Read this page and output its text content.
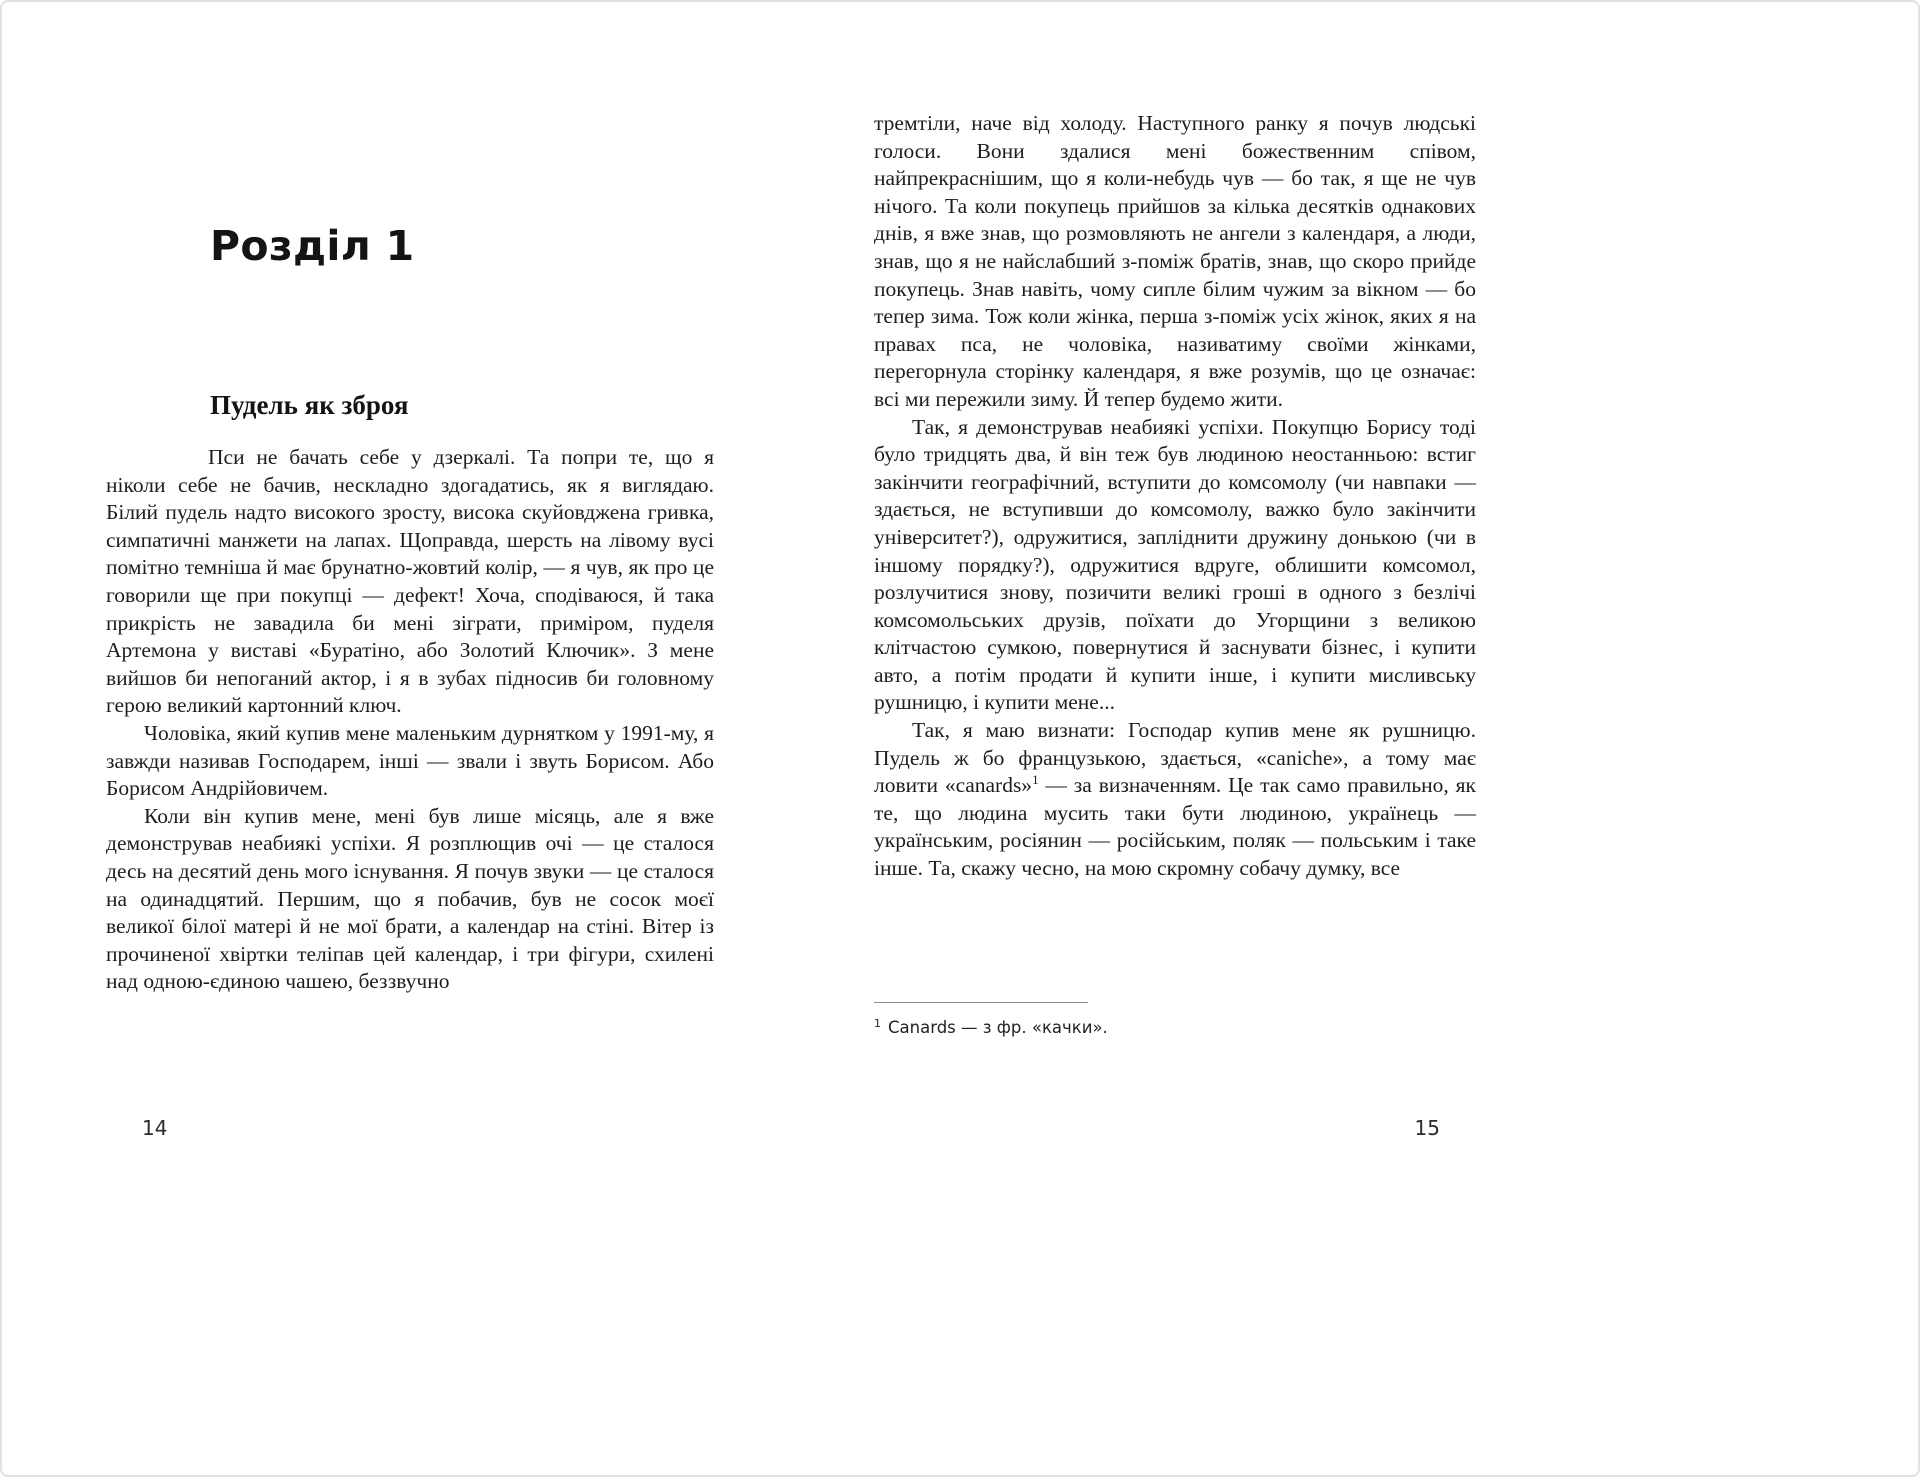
Розділ 1
Пудель як зброя

Пси не бачать себе у дзеркалі. Та попри те, що я ніколи себе не бачив, нескладно здогадатись, як я виглядаю. Білий пудель надто високого зросту, висока скуйовджена гривка, симпатичні манжети на лапах. Щоправда, шерсть на лівому вусі помітно темніша й має брунатно-жовтий колір, — я чув, як про це говорили ще при покупці — дефект! Хоча, сподіваюся, й така прикрість не завадила би мені зіграти, приміром, пуделя Артемона у виставі «Буратіно, або Золотий Ключик». З мене вийшов би непоганий актор, і я в зубах підносив би головному герою великий картонний ключ.

Чоловіка, який купив мене маленьким дурнятком у 1991-му, я завжди називав Господарем, інші — звали і звуть Борисом. Або Борисом Андрійовичем.

Коли він купив мене, мені був лише місяць, але я вже демонстрував неабиякі успіхи. Я розплющив очі — це сталося десь на десятий день мого існування. Я почув звуки — це сталося на одинадцятий. Першим, що я побачив, був не сосок моєї великої білої матері й не мої брати, а календар на стіні. Вітер із прочиненої хвіртки теліпав цей календар, і три фігури, схилені над одною-єдиною чашею, беззвучно

14

тремтіли, наче від холоду. Наступного ранку я почув людські голоси. Вони здалися мені божественним співом, найпрекраснішим, що я коли-небудь чув — бо так, я ще не чув нічого. Та коли покупець прийшов за кілька десятків однакових днів, я вже знав, що розмовляють не ангели з календаря, а люди, знав, що я не найслабший з-поміж братів, знав, що скоро прийде покупець. Знав навіть, чому сипле білим чужим за вікном — бо тепер зима. Тож коли жінка, перша з-поміж усіх жінок, яких я на правах пса, не чоловіка, називатиму своїми жінками, перегорнула сторінку календаря, я вже розумів, що це означає: всі ми пережили зиму. Й тепер будемо жити.

Так, я демонстрував неабиякі успіхи. Покупцю Борису тоді було тридцять два, й він теж був людиною неостанньою: встиг закінчити географічний, вступити до комсомолу (чи навпаки — здається, не вступивши до комсомолу, важко було закінчити університет?), одружитися, запліднити дружину донькою (чи в іншому порядку?), одружитися вдруге, облишити комсомол, розлучитися знову, позичити великі гроші в одного з безлічі комсомольських друзів, поїхати до Угорщини з великою клітчастою сумкою, повернутися й заснувати бізнес, і купити авто, а потім продати й купити інше, і купити мисливську рушницю, і купити мене...

Так, я маю визнати: Господар купив мене як рушницю. Пудель ж бо французькою, здається, «caniche», а тому має ловити «canards»$^1$ — за визначенням. Це так само правильно, як те, що людина мусить таки бути людиною, українець — українським, росіянин — російським, поляк — польським і таке інше. Та, скажу чесно, на мою скромну собачу думку, все

$^1$ Canards — з фр. «качки».
15
